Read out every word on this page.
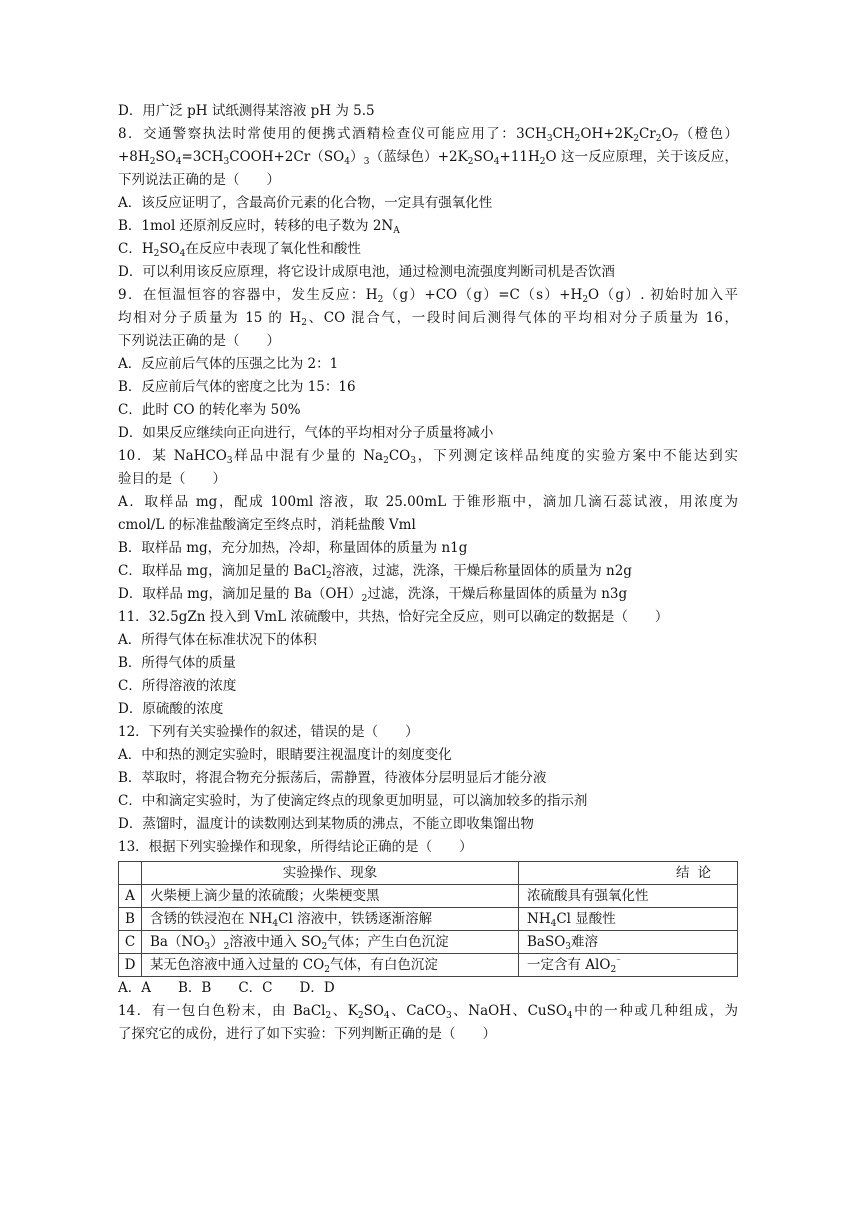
D．用广泛 pH 试纸测得某溶液 pH 为 5.5
8．交通警察执法时常使用的便携式酒精检查仪可能应用了：$3CH_3CH_2OH+2K_2Cr_2O_7$（橙色）
$+8H_2SO_4=3CH_3COOH+2Cr(SO_4)_3$（蓝绿色）$+2K_2SO_4+11H_2O$ 这一反应原理，关于该反应，
下列说法正确的是（　　）
A．该反应证明了，含最高价元素的化合物，一定具有强氧化性
B．1mol 还原剂反应时，转移的电子数为 $2N_A$
C．$H_2SO_4$在反应中表现了氧化性和酸性
D．可以利用该反应原理，将它设计成原电池，通过检测电流强度判断司机是否饮酒
9．在恒温恒容的容器中，发生反应：$H_2(g)+CO(g)=C(s)+H_2O(g)$. 初始时加入平
均相对分子质量为 15 的 $H_2$、CO 混合气，一段时间后测得气体的平均相对分子质量为 16，
下列说法正确的是（　　）
A．反应前后气体的压强之比为 2：1
B．反应前后气体的密度之比为 15：16
C．此时 CO 的转化率为 50%
D．如果反应继续向正向进行，气体的平均相对分子质量将减小
10．某 NaHCO$_3$样品中混有少量的 $Na_2CO_3$，下列测定该样品纯度的实验方案中不能达到实
验目的是（　　）
A．取样品 mg，配成 100ml 溶液，取 25.00mL 于锥形瓶中，滴加几滴石蕊试液，用浓度为
cmol/L 的标准盐酸滴定至终点时，消耗盐酸 Vml
B．取样品 mg，充分加热，冷却，称量固体的质量为 n1g
C．取样品 mg，滴加足量的 BaCl$_2$溶液，过滤，洗涤，干燥后称量固体的质量为 n2g
D．取样品 mg，滴加足量的 $Ba(OH)_2$过滤，洗涤，干燥后称量固体的质量为 n3g
11．32.5gZn 投入到 VmL 浓硫酸中，共热，恰好完全反应，则可以确定的数据是（　　）
A．所得气体在标准状况下的体积
B．所得气体的质量
C．所得溶液的浓度
D．原硫酸的浓度
12．下列有关实验操作的叙述，错误的是（　　）
A．中和热的测定实验时，眼睛要注视温度计的刻度变化
B．萃取时，将混合物充分振荡后，需静置，待液体分层明显后才能分液
C．中和滴定实验时，为了使滴定终点的现象更加明显，可以滴加较多的指示剂
D．蒸馏时，温度计的读数刚达到某物质的沸点，不能立即收集馏出物
13．根据下列实验操作和现象，所得结论正确的是（　　）
	实验操作、现象	结论
A	火柴梗上滴少量的浓硫酸；火柴梗变黑	浓硫酸具有强氧化性
B	含锈的铁浸泡在 $NH_4Cl$ 溶液中，铁锈逐渐溶解	$NH_4Cl$ 显酸性
C	$Ba(NO_3)_2$溶液中通入 $SO_2$气体；产生白色沉淀	BaSO$_3$难溶
D	某无色溶液中通入过量的 $CO_2$气体，有白色沉淀	一定含有 AlO$_2$⁻
A．A　　B．B　　C．C　　D．D
14．有一包白色粉末，由 BaCl$_2$、$K_2SO_4$、CaCO$_3$、NaOH、CuSO$_4$中的一种或几种组成，为
了探究它的成份，进行了如下实验：下列判断正确的是（　　）
